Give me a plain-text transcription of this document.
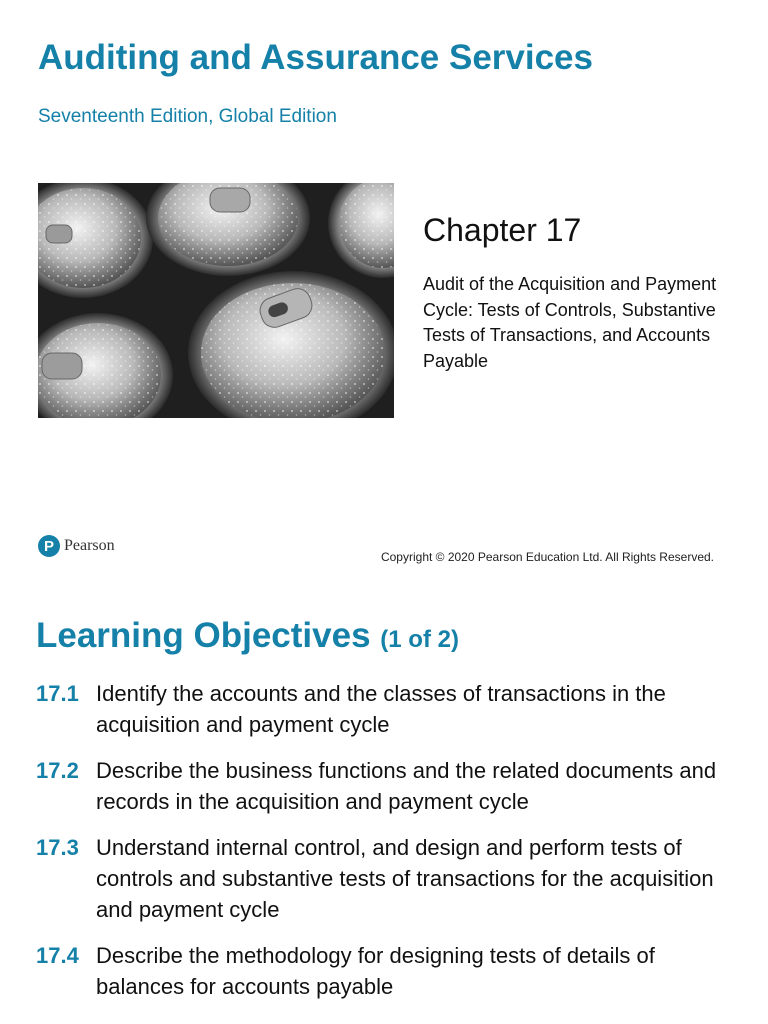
Auditing and Assurance Services

Seventeenth Edition, Global Edition

Chapter 17

Audit of the Acquisition and Payment Cycle: Tests of Controls, Substantive Tests of Transactions, and Accounts Payable

P Pearson
Copyright © 2020 Pearson Education Ltd. All Rights Reserved.
Learning Objectives (1 of 2)
17.1 Identify the accounts and the classes of transactions in the acquisition and payment cycle
17.2 Describe the business functions and the related documents and records in the acquisition and payment cycle
17.3 Understand internal control, and design and perform tests of controls and substantive tests of transactions for the acquisition and payment cycle
17.4 Describe the methodology for designing tests of details of balances for accounts payable
